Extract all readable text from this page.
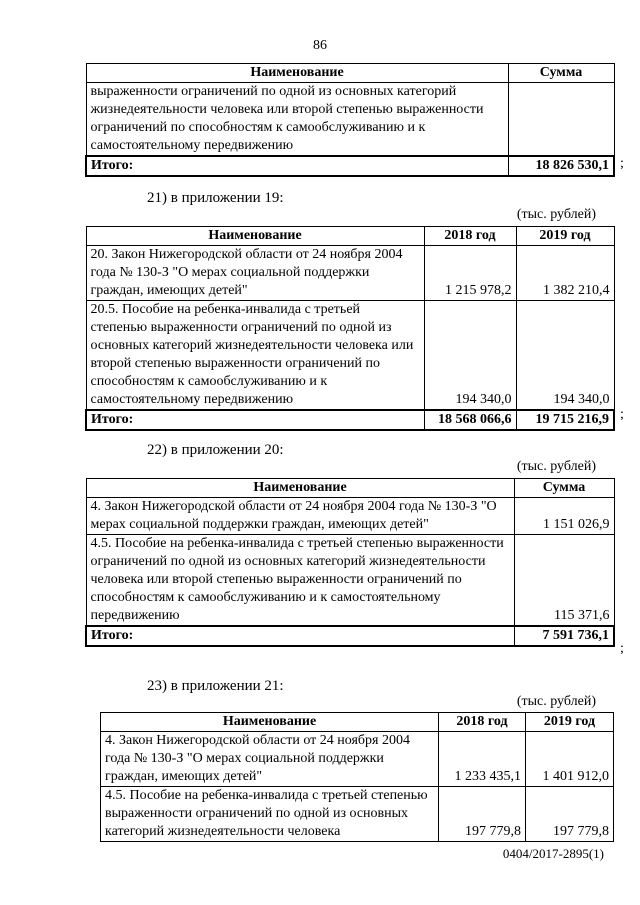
86
Наименование	Сумма
выраженности ограничений по одной из основных категорий жизнедеятельности человека или второй степенью выраженности ограничений по способностям к самообслуживанию и к самостоятельному передвижению	
Итого:	18 826 530,1 ;
21) в приложении 19:
(тыс. рублей)
Наименование	2018 год	2019 год
20. Закон Нижегородской области от 24 ноября 2004 года № 130-З "О мерах социальной поддержки граждан, имеющих детей"	1 215 978,2	1 382 210,4
20.5. Пособие на ребенка-инвалида с третьей степенью выраженности ограничений по одной из основных категорий жизнедеятельности человека или второй степенью выраженности ограничений по способностям к самообслуживанию и к самостоятельному передвижению	194 340,0	194 340,0
Итого:	18 568 066,6	19 715 216,9 ;
22) в приложении 20:
(тыс. рублей)
Наименование	Сумма
4. Закон Нижегородской области от 24 ноября 2004 года № 130-З "О мерах социальной поддержки граждан, имеющих детей"	1 151 026,9
4.5. Пособие на ребенка-инвалида с третьей степенью выраженности ограничений по одной из основных категорий жизнедеятельности человека или второй степенью выраженности ограничений по способностям к самообслуживанию и к самостоятельному передвижению	115 371,6
Итого:	7 591 736,1
;
23) в приложении 21:
(тыс. рублей)
Наименование	2018 год	2019 год
4. Закон Нижегородской области от 24 ноября 2004 года № 130-З "О мерах социальной поддержки граждан, имеющих детей"	1 233 435,1	1 401 912,0
4.5. Пособие на ребенка-инвалида с третьей степенью выраженности ограничений по одной из основных категорий жизнедеятельности человека	197 779,8	197 779,8
0404/2017-2895(1)
